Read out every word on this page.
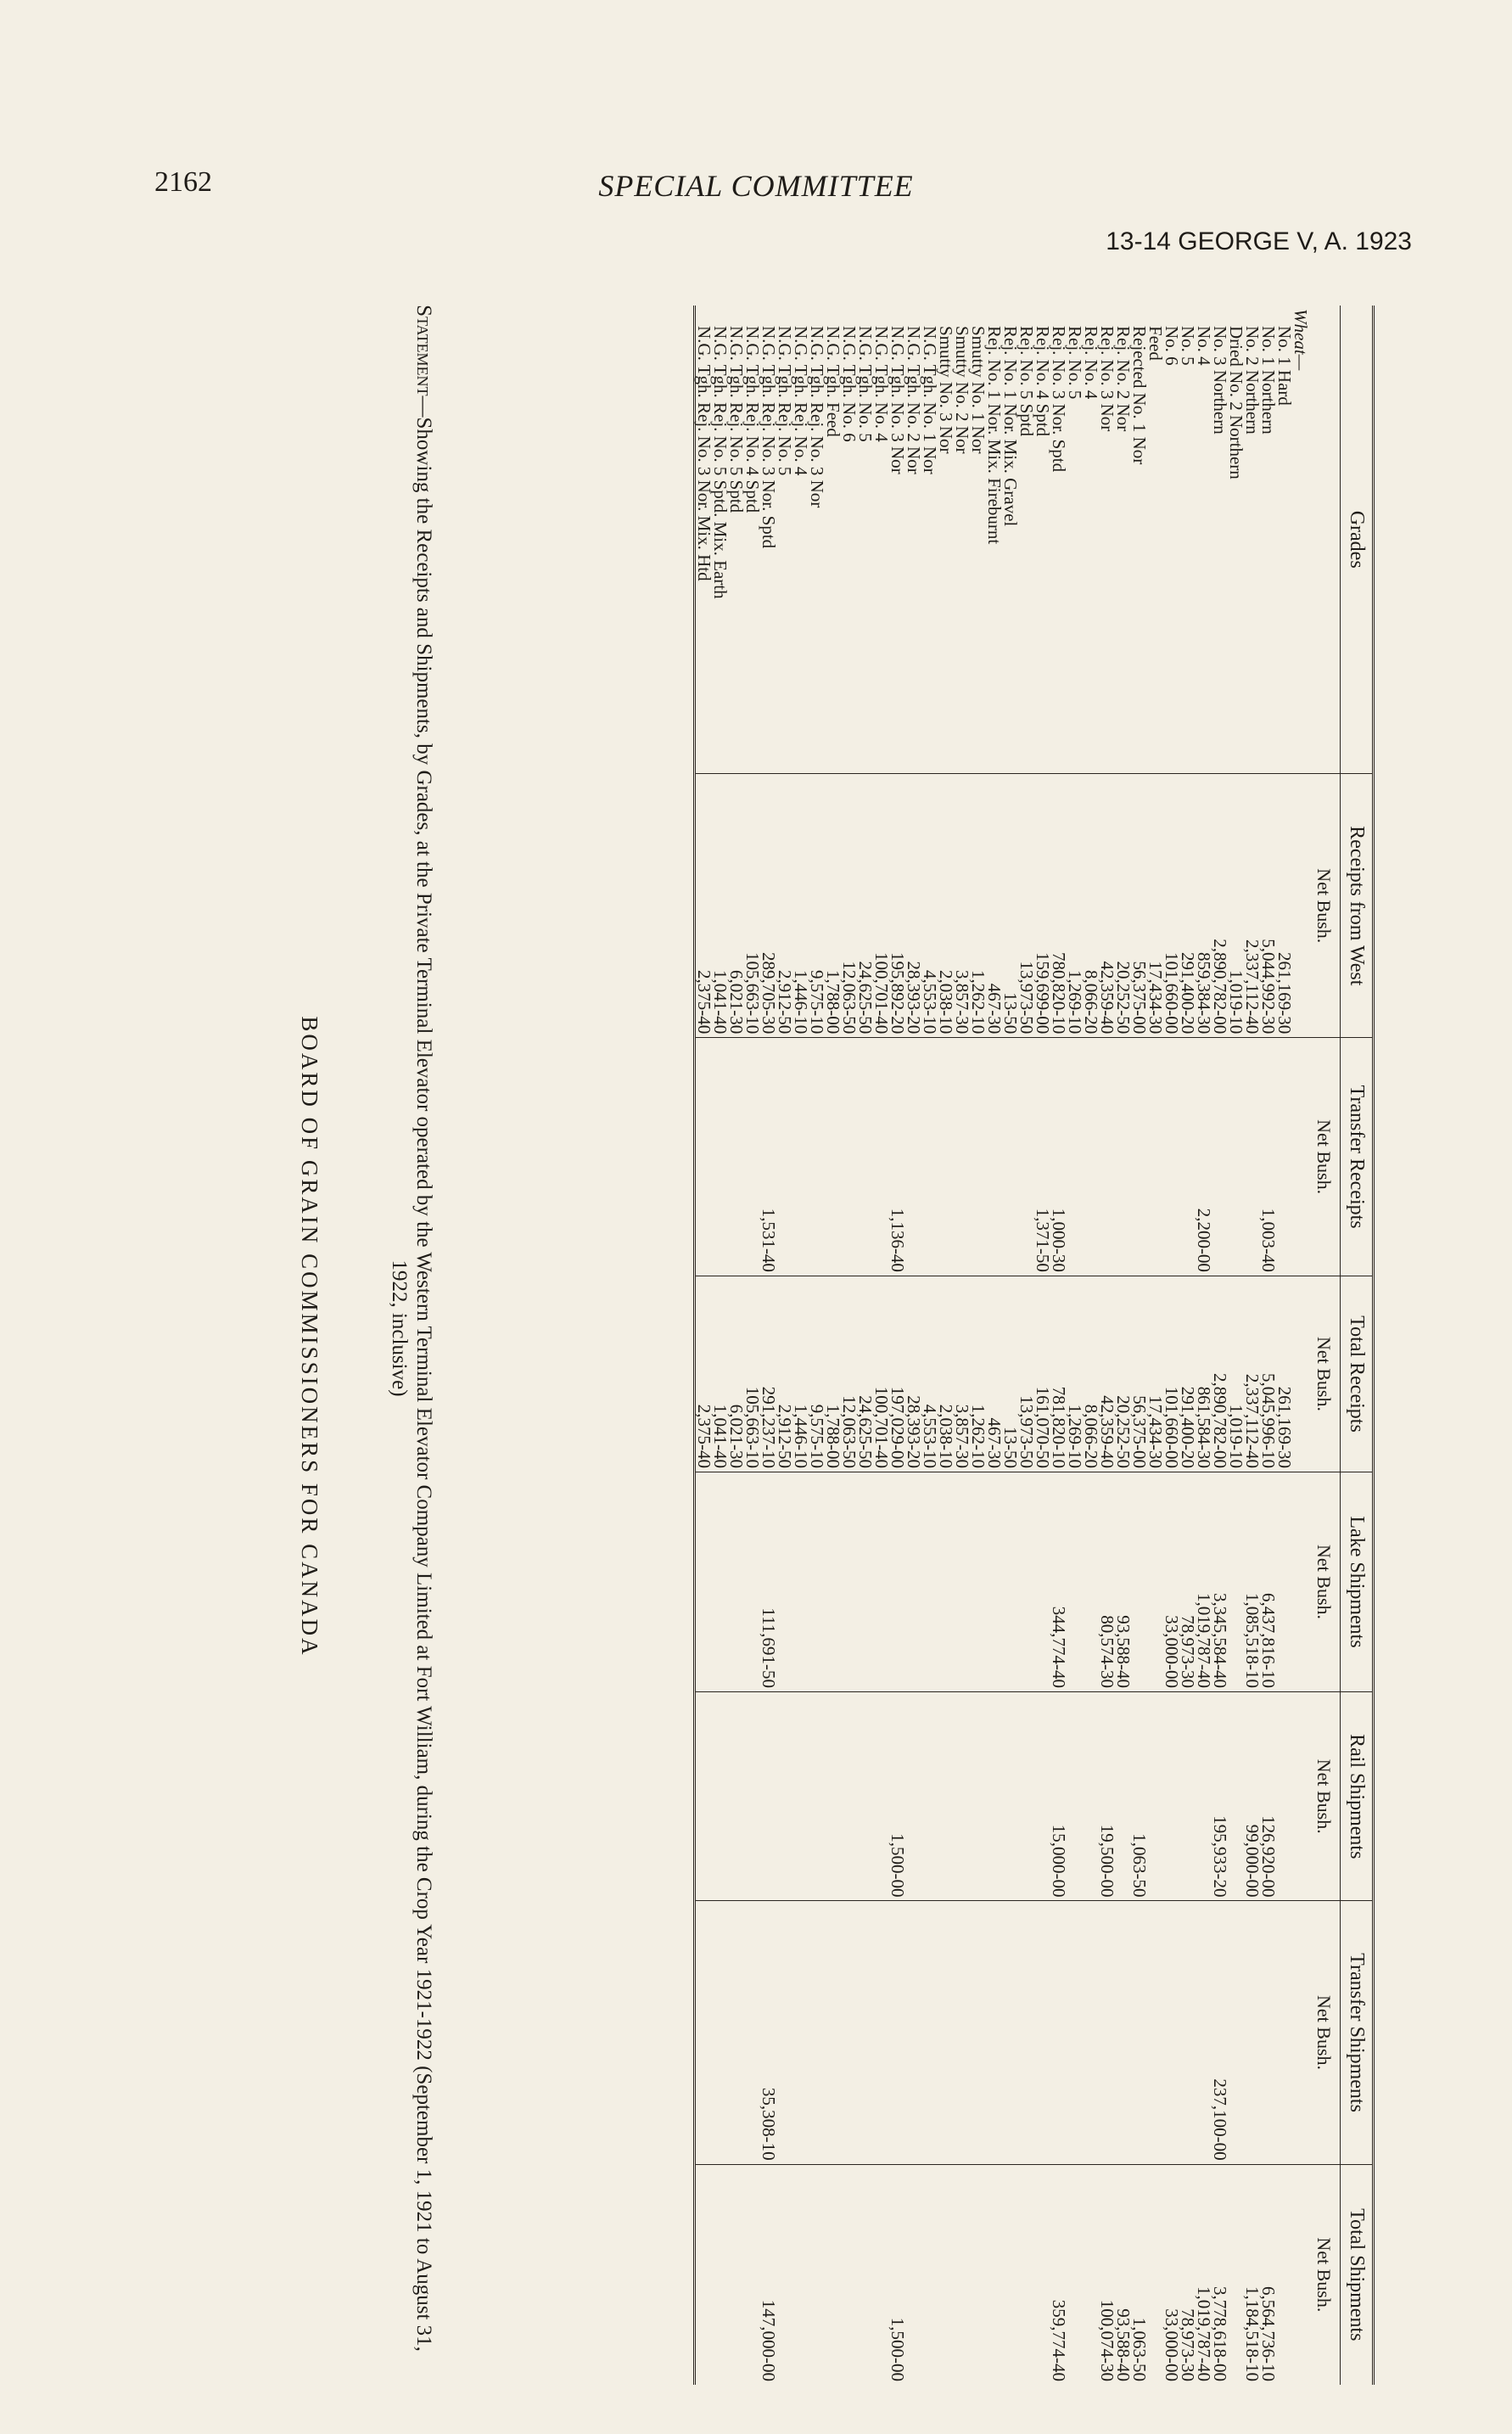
2162	SPECIAL COMMITTEE
13-14 GEORGE V, A. 1923
Grades	Receipts from West	Transfer Receipts	Total Receipts	Lake Shipments	Rail Shipments	Transfer Shipments	Total Shipments
	Net Bush.	Net Bush.	Net Bush.	Net Bush.	Net Bush.	Net Bush.	Net Bush.
Wheat—							
No. 1 Hard	261,169-30		261,169-30				
No. 1 Northern	5,044,992-30	1,003-40	5,045,996-10	6,437,816-10	126,920-00		6,564,736-10
No. 2 Northern	2,337,112-40		2,337,112-40	1,085,518-10	99,000-00		1,184,518-10
Dried No. 2 Northern	1,019-10		1,019-10				
No. 3 Northern	2,890,782-00		2,890,782-00	3,345,584-40	195,933-20	237,100-00	3,778,618-00
No. 4	859,384-30	2,200-00	861,584-30	1,019,787-40			1,019,787-40
No. 5	291,400-20		291,400-20	78,973-30			78,973-30
No. 6	101,660-00		101,660-00	33,000-00			33,000-00
Feed	17,434-30		17,434-30				
Rejected No. 1 Nor	56,375-00		56,375-00		1,063-50		1,063-50
Rej. No. 2 Nor	20,252-50		20,252-50	93,588-40			93,588-40
Rej. No. 3 Nor	42,359-40		42,359-40	80,574-30	19,500-00		100,074-30
Rej. No. 4	8,066-20		8,066-20				
Rej. No. 5	1,269-10		1,269-10				
Rej. No. 3 Nor. Sptd	780,820-10	1,000-30	781,820-10	344,774-40	15,000-00		359,774-40
Rej. No. 4 Sptd	159,699-00	1,371-50	161,070-50				
Rej. No. 5 Sptd	13,973-50		13,973-50				
Rej. No. 1 Nor. Mix. Gravel	13-50		13-50				
Rej. No. 1 Nor. Mix. Fireburnt	467-30		467-30				
Smutty No. 1 Nor	1,262-10		1,262-10				
Smutty No. 2 Nor	3,857-30		3,857-30				
Smutty No. 3 Nor	2,038-10		2,038-10				
N.G. Tgh. No. 1 Nor	4,553-10		4,553-10				
N.G. Tgh. No. 2 Nor	28,393-20		28,393-20				
N.G. Tgh. No. 3 Nor	195,892-20	1,136-40	197,029-00		1,500-00		1,500-00
N.G. Tgh. No. 4	100,701-40		100,701-40				
N.G. Tgh. No. 5	24,625-50		24,625-50				
N.G. Tgh. No. 6	12,063-50		12,063-50				
N.G. Tgh. Feed	1,788-00		1,788-00				
N.G. Tgh. Rej. No. 3 Nor	9,575-10		9,575-10				
N.G. Tgh. Rej. No. 4	1,446-10		1,446-10				
N.G. Tgh. Rej. No. 5	2,912-50		2,912-50				
N.G. Tgh. Rej. No. 3 Nor. Sptd	289,705-30	1,531-40	291,237-10	111,691-50		35,308-10	147,000-00
N.G. Tgh. Rej. No. 4 Sptd	105,663-10		105,663-10				
N.G. Tgh. Rej. No. 5 Sptd	6,021-30		6,021-30				
N.G. Tgh. Rej. No. 5 Sptd. Mix. Earth	1,041-40		1,041-40				
N.G. Tgh. Rej. No. 3 Nor. Mix. Htd	2,375-40		2,375-40				
Statement—Showing the Receipts and Shipments, by Grades, at the Private Terminal Elevator operated by the Western Terminal Elevator Company Limited at Fort William, during the Crop Year 1921-1922 (September 1, 1921 to August 31, 1922, inclusive)
BOARD OF GRAIN COMMISSIONERS FOR CANADA
